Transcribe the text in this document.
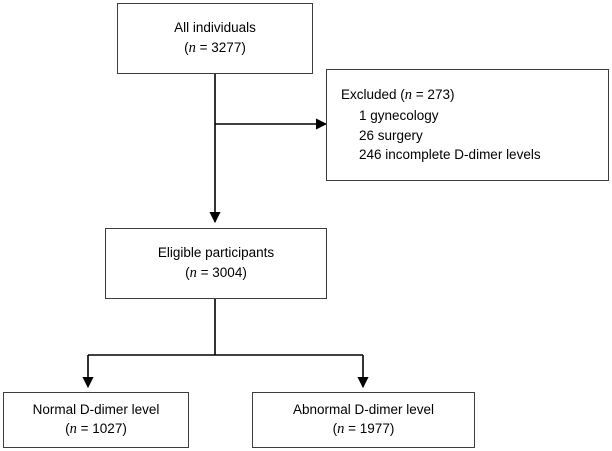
All individuals
(n = 3277)
Excluded (n = 273)
1 gynecology
26 surgery
246 incomplete D-dimer levels
Eligible participants
(n = 3004)
Normal D-dimer level
(n = 1027)
Abnormal D-dimer level
(n = 1977)
